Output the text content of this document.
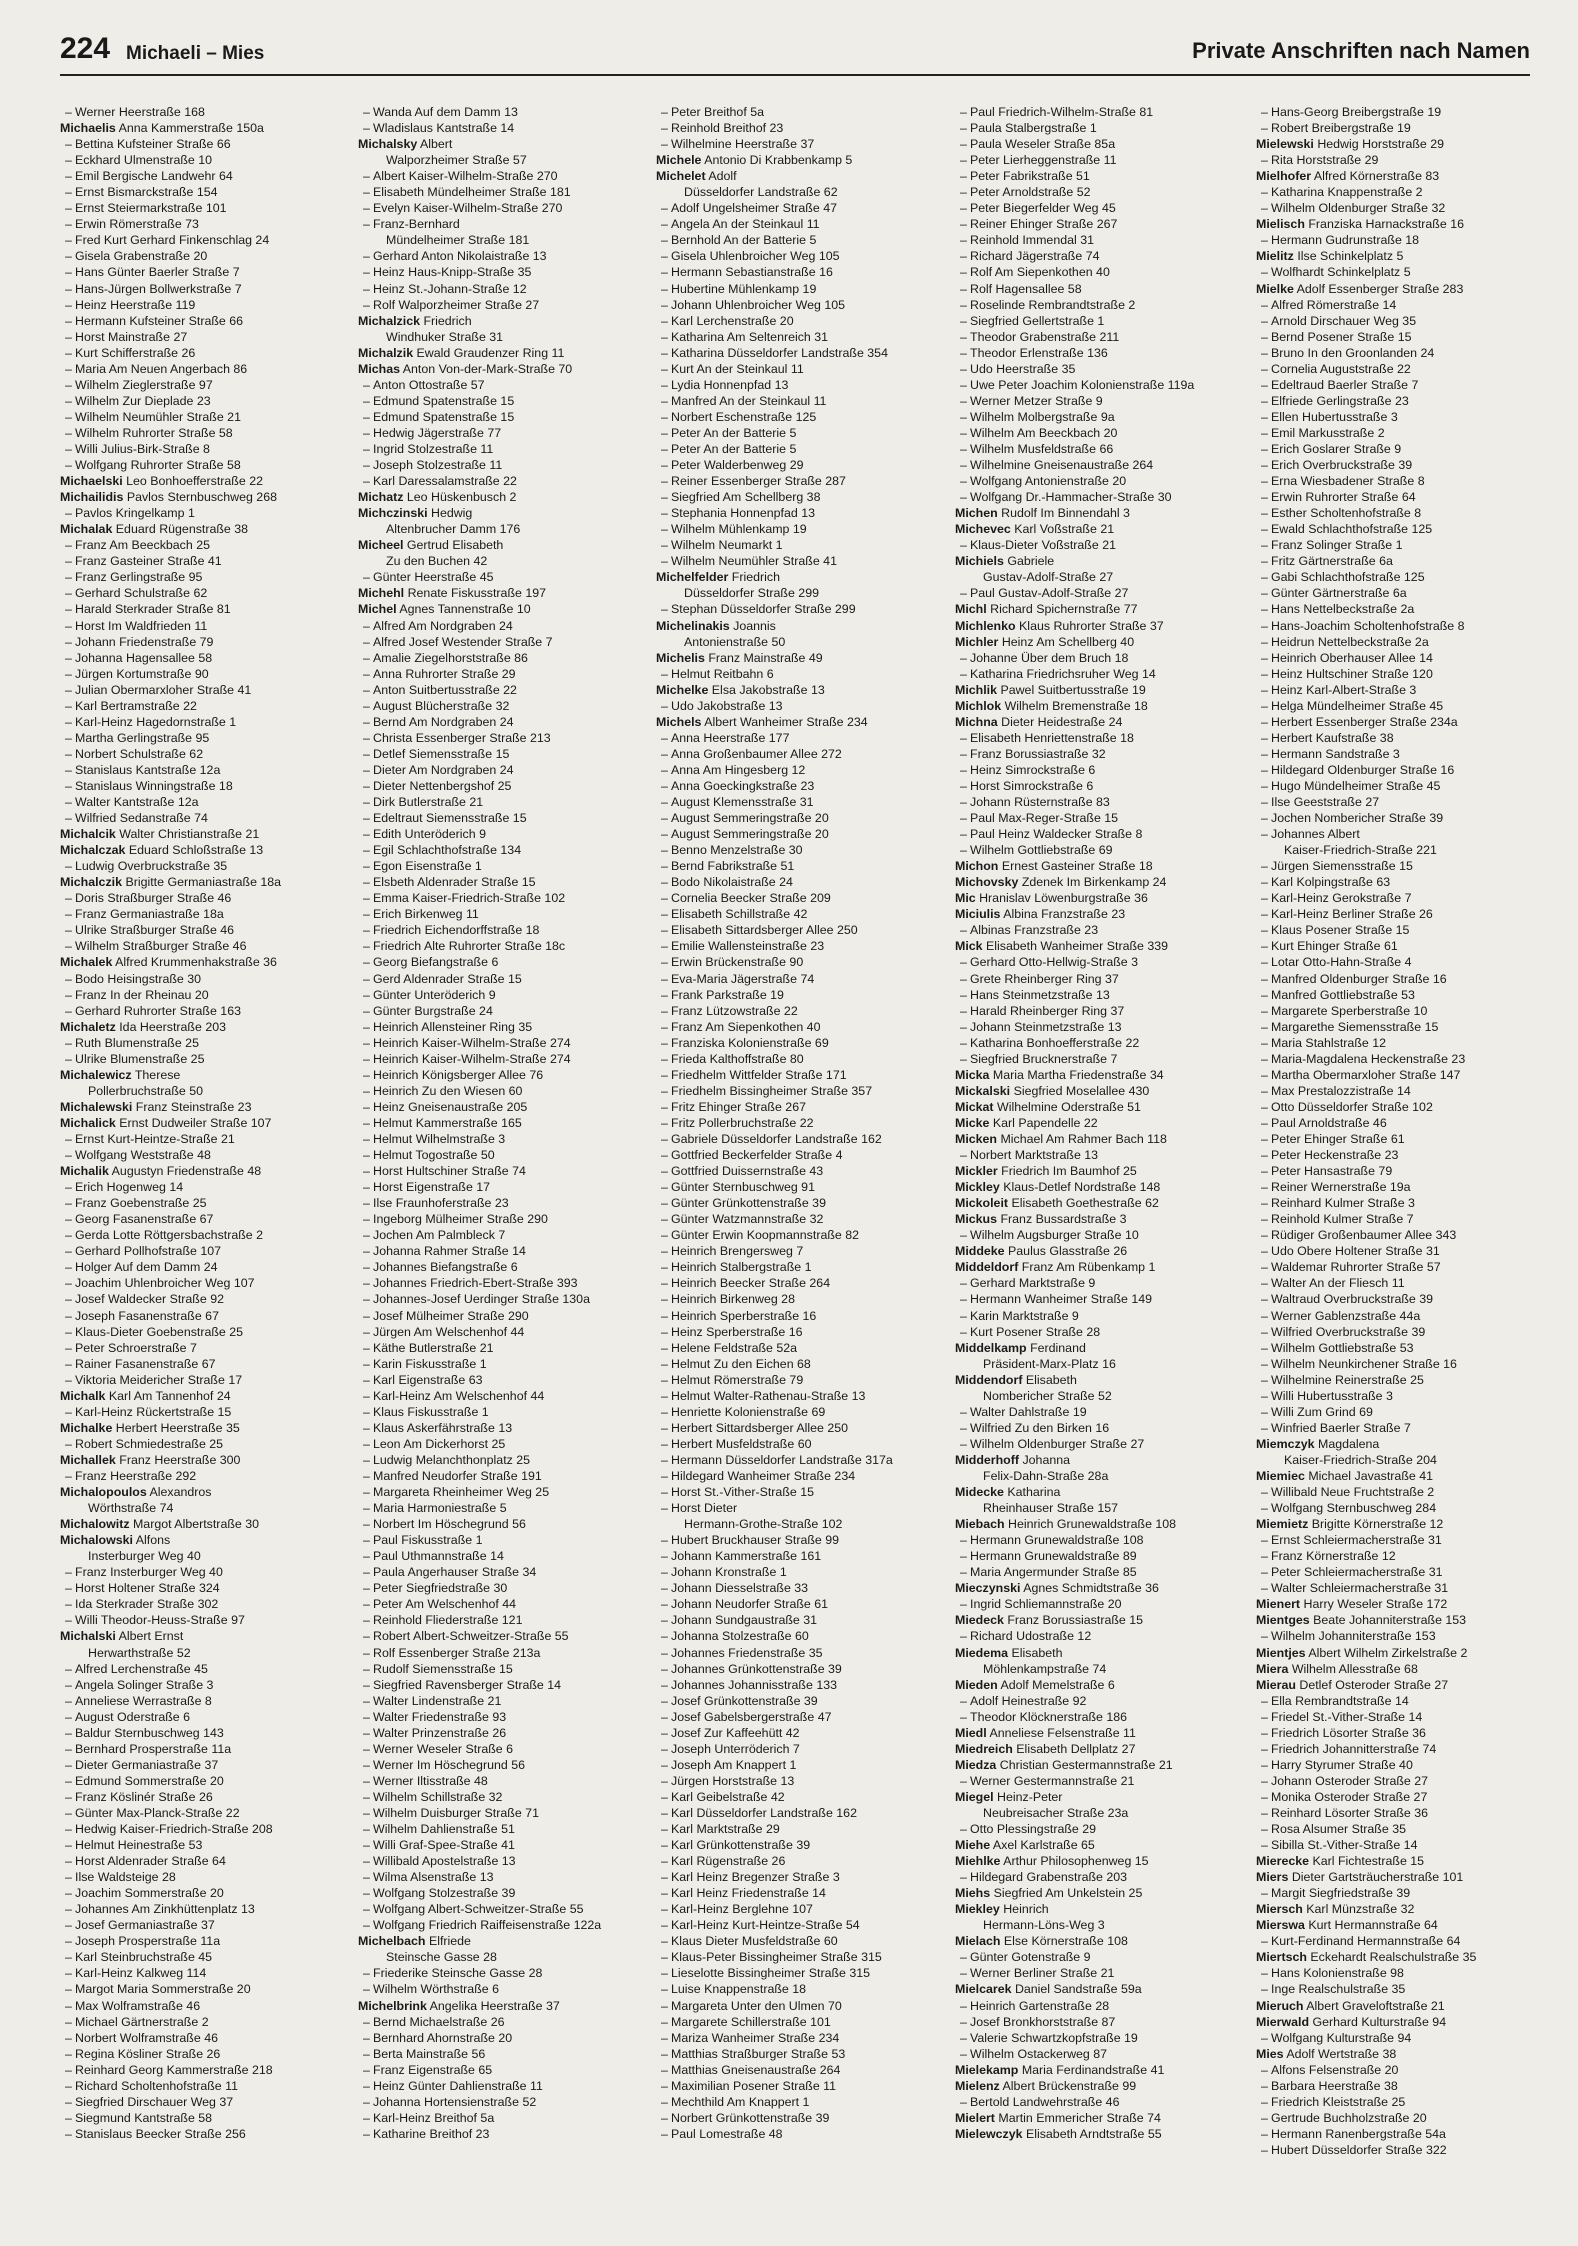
224 Michaeli – Mies	Private Anschriften nach Namen
– Werner Heerstraße 168
Michaelis Anna Kammerstraße 150a
– Bettina Kufsteiner Straße 66
– Eckhard Ulmenstraße 10
– Emil Bergische Landwehr 64
– Ernst Bismarckstraße 154
– Ernst Steiermarkstraße 101
– Erwin Römerstraße 73
– Fred Kurt Gerhard Finkenschlag 24
– Gisela Grabenstraße 20
– Hans Günter Baerler Straße 7
– Hans-Jürgen Bollwerkstraße 7
– Heinz Heerstraße 119
– Hermann Kufsteiner Straße 66
– Horst Mainstraße 27
– Kurt Schifferstraße 26
– Maria Am Neuen Angerbach 86
– Wilhelm Zieglerstraße 97
– Wilhelm Zur Dieplade 23
– Wilhelm Neumühler Straße 21
– Wilhelm Ruhrorter Straße 58
– Willi Julius-Birk-Straße 8
– Wolfgang Ruhrorter Straße 58
Michaelski Leo Bonhoefferstraße 22
Michailidis Pavlos Sternbuschweg 268
– Pavlos Kringelkamp 1
Michalak Eduard Rügenstraße 38
– Franz Am Beeckbach 25
– Franz Gasteiner Straße 41
– Franz Gerlingstraße 95
– Gerhard Schulstraße 62
– Harald Sterkrader Straße 81
– Horst Im Waldfrieden 11
– Johann Friedenstraße 79
– Johanna Hagensallee 58
– Jürgen Kortumstraße 90
– Julian Obermarxloher Straße 41
– Karl Bertramstraße 22
– Karl-Heinz Hagedornstraße 1
– Martha Gerlingstraße 95
– Norbert Schulstraße 62
– Stanislaus Kantstraße 12a
– Stanislaus Winningstraße 18
– Walter Kantstraße 12a
– Wilfried Sedanstraße 74
Michalcik Walter Christianstraße 21
Michalczak Eduard Schloßstraße 13
– Ludwig Overbruckstraße 35
Michalczik Brigitte Germaniastraße 18a
– Doris Straßburger Straße 46
– Franz Germaniastraße 18a
– Ulrike Straßburger Straße 46
– Wilhelm Straßburger Straße 46
Michalek Alfred Krummenhakstraße 36
– Bodo Heisingstraße 30
– Franz In der Rheinau 20
– Gerhard Ruhrorter Straße 163
Michaletz Ida Heerstraße 203
– Ruth Blumenstraße 25
– Ulrike Blumenstraße 25
Michalewicz Therese
Pollerbruchstraße 50
Michalewski Franz Steinstraße 23
Michalick Ernst Dudweiler Straße 107
– Ernst Kurt-Heintze-Straße 21
– Wolfgang Weststraße 48
Michalik Augustyn Friedenstraße 48
– Erich Hogenweg 14
– Franz Goebenstraße 25
– Georg Fasanenstraße 67
– Gerda Lotte Röttgersbachstraße 2
– Gerhard Pollhofstraße 107
– Holger Auf dem Damm 24
– Joachim Uhlenbroicher Weg 107
– Josef Waldecker Straße 92
– Joseph Fasanenstraße 67
– Klaus-Dieter Goebenstraße 25
– Peter Schroerstraße 7
– Rainer Fasanenstraße 67
– Viktoria Meidericher Straße 17
Michalk Karl Am Tannenhof 24
– Karl-Heinz Rückertstraße 15
Michalke Herbert Heerstraße 35
– Robert Schmiedestraße 25
Michallek Franz Heerstraße 300
– Franz Heerstraße 292
Michalopoulos Alexandros
Wörthstraße 74
Michalowitz Margot Albertstraße 30
Michalowski Alfons
Insterburger Weg 40
– Franz Insterburger Weg 40
– Horst Holtener Straße 324
– Ida Sterkrader Straße 302
– Willi Theodor-Heuss-Straße 97
Michalski Albert Ernst
Herwarthstraße 52
– Alfred Lerchenstraße 45
– Angela Solinger Straße 3
– Anneliese Werrastraße 8
– August Oderstraße 6
– Baldur Sternbuschweg 143
– Bernhard Prosperstraße 11a
– Dieter Germaniastraße 37
– Edmund Sommerstraße 20
– Franz Köslinér Straße 26
– Günter Max-Planck-Straße 22
– Hedwig Kaiser-Friedrich-Straße 208
– Helmut Heinestraße 53
– Horst Aldenrader Straße 64
– Ilse Waldsteige 28
– Joachim Sommerstraße 20
– Johannes Am Zinkhüttenplatz 13
– Josef Germaniastraße 37
– Joseph Prosperstraße 11a
– Karl Steinbruchstraße 45
– Karl-Heinz Kalkweg 114
– Margot Maria Sommerstraße 20
– Max Wolframstraße 46
– Michael Gärtnerstraße 2
– Norbert Wolframstraße 46
– Regina Kösliner Straße 26
– Reinhard Georg Kammerstraße 218
– Richard Scholtenhofstraße 11
– Siegfried Dirschauer Weg 37
– Siegmund Kantstraße 58
– Stanislaus Beecker Straße 256
– Wanda Auf dem Damm 13
– Wladislaus Kantstraße 14
Michalsky Albert
Walporzheimer Straße 57
– Albert Kaiser-Wilhelm-Straße 270
– Elisabeth Mündelheimer Straße 181
– Evelyn Kaiser-Wilhelm-Straße 270
– Franz-Bernhard
Mündelheimer Straße 181
– Gerhard Anton Nikolaistraße 13
– Heinz Haus-Knipp-Straße 35
– Heinz St.-Johann-Straße 12
– Rolf Walporzheimer Straße 27
Michalzick Friedrich
Windhuker Straße 31
Michalzik Ewald Graudenzer Ring 11
Michas Anton Von-der-Mark-Straße 70
– Anton Ottostraße 57
– Edmund Spatenstraße 15
– Edmund Spatenstraße 15
– Hedwig Jägerstraße 77
– Ingrid Stolzestraße 11
– Joseph Stolzestraße 11
– Karl Daressalamstraße 22
Michatz Leo Hüskenbusch 2
Michczinski Hedwig
Altenbrucher Damm 176
Micheel Gertrud Elisabeth
Zu den Buchen 42
– Günter Heerstraße 45
Michehl Renate Fiskusstraße 197
Michel Agnes Tannenstraße 10
– Alfred Am Nordgraben 24
– Alfred Josef Westender Straße 7
– Amalie Ziegelhorststraße 86
– Anna Ruhrorter Straße 29
– Anton Suitbertusstraße 22
– August Blücherstraße 32
– Bernd Am Nordgraben 24
– Christa Essenberger Straße 213
– Detlef Siemensstraße 15
– Dieter Am Nordgraben 24
– Dieter Nettenbergshof 25
– Dirk Butlerstraße 21
– Edeltraut Siemensstraße 15
– Edith Unteröderich 9
– Egil Schlachthofstraße 134
– Egon Eisenstraße 1
– Elsbeth Aldenrader Straße 15
– Emma Kaiser-Friedrich-Straße 102
– Erich Birkenweg 11
– Friedrich Eichendorffstraße 18
– Friedrich Alte Ruhrorter Straße 18c
– Georg Biefangstraße 6
– Gerd Aldenrader Straße 15
– Günter Unteröderich 9
– Günter Burgstraße 24
– Heinrich Allensteiner Ring 35
– Heinrich Kaiser-Wilhelm-Straße 274
– Heinrich Kaiser-Wilhelm-Straße 274
– Heinrich Königsberger Allee 76
– Heinrich Zu den Wiesen 60
– Heinz Gneisenaustraße 205
– Helmut Kammerstraße 165
– Helmut Wilhelmstraße 3
– Helmut Togostraße 50
– Horst Hultschiner Straße 74
– Horst Eigenstraße 17
– Ilse Fraunhoferstraße 23
– Ingeborg Mülheimer Straße 290
– Jochen Am Palmbleck 7
– Johanna Rahmer Straße 14
– Johannes Biefangstraße 6
– Johannes Friedrich-Ebert-Straße 393
– Johannes-Josef Uerdinger Straße 130a
– Josef Mülheimer Straße 290
– Jürgen Am Welschenhof 44
– Käthe Butlerstraße 21
– Karin Fiskusstraße 1
– Karl Eigenstraße 63
– Karl-Heinz Am Welschenhof 44
– Klaus Fiskusstraße 1
– Klaus Askerfährstraße 13
– Leon Am Dickerhorst 25
– Ludwig Melanchthonplatz 25
– Manfred Neudorfer Straße 191
– Margareta Rheinheimer Weg 25
– Maria Harmoniestraße 5
– Norbert Im Höschegrund 56
– Paul Fiskusstraße 1
– Paul Uthmannstraße 14
– Paula Angerhauser Straße 34
– Peter Siegfriedstraße 30
– Peter Am Welschenhof 44
– Reinhold Fliederstraße 121
– Robert Albert-Schweitzer-Straße 55
– Rolf Essenberger Straße 213a
– Rudolf Siemensstraße 15
– Siegfried Ravensberger Straße 14
– Walter Lindenstraße 21
– Walter Friedenstraße 93
– Walter Prinzenstraße 26
– Werner Weseler Straße 6
– Werner Im Höschegrund 56
– Werner Iltisstraße 48
– Wilhelm Schillstraße 32
– Wilhelm Duisburger Straße 71
– Wilhelm Dahlienstraße 51
– Willi Graf-Spee-Straße 41
– Willibald Apostelstraße 13
– Wilma Alsenstraße 13
– Wolfgang Stolzestraße 39
– Wolfgang Albert-Schweitzer-Straße 55
– Wolfgang Friedrich Raiffeisenstraße 122a
Michelbach Elfriede
Steinsche Gasse 28
– Friederike Steinsche Gasse 28
– Wilhelm Wörthstraße 6
Michelbrink Angelika Heerstraße 37
– Bernd Michaelstraße 26
– Bernhard Ahornstraße 20
– Berta Mainstraße 56
– Franz Eigenstraße 65
– Heinz Günter Dahlienstraße 11
– Johanna Hortensienstraße 52
– Karl-Heinz Breithof 5a
– Katharine Breithof 23
– Peter Breithof 5a
– Reinhold Breithof 23
– Wilhelmine Heerstraße 37
Michele Antonio Di Krabbenkamp 5
Michelet Adolf
Düsseldorfer Landstraße 62
– Adolf Ungelsheimer Straße 47
– Angela An der Steinkaul 11
– Bernhold An der Batterie 5
– Gisela Uhlenbroicher Weg 105
– Hermann Sebastianstraße 16
– Hubertine Mühlenkamp 19
– Johann Uhlenbroicher Weg 105
– Karl Lerchenstraße 20
– Katharina Am Seltenreich 31
– Katharina Düsseldorfer Landstraße 354
– Kurt An der Steinkaul 11
– Lydia Honnenpfad 13
– Manfred An der Steinkaul 11
– Norbert Eschenstraße 125
– Peter An der Batterie 5
– Peter An der Batterie 5
– Peter Walderbenweg 29
– Reiner Essenberger Straße 287
– Siegfried Am Schellberg 38
– Stephania Honnenpfad 13
– Wilhelm Mühlenkamp 19
– Wilhelm Neumarkt 1
– Wilhelm Neumühler Straße 41
Michelfelder Friedrich
Düsseldorfer Straße 299
– Stephan Düsseldorfer Straße 299
Michelinakis Joannis
Antonienstraße 50
Michelis Franz Mainstraße 49
– Helmut Reitbahn 6
Michelke Elsa Jakobstraße 13
– Udo Jakobstraße 13
Michels Albert Wanheimer Straße 234
– Anna Heerstraße 177
– Anna Großenbaumer Allee 272
– Anna Am Hingesberg 12
– Anna Goeckingkstraße 23
– August Klemensstraße 31
– August Semmeringstraße 20
– August Semmeringstraße 20
– Benno Menzelstraße 30
– Bernd Fabrikstraße 51
– Bodo Nikolaistraße 24
– Cornelia Beecker Straße 209
– Elisabeth Schillstraße 42
– Elisabeth Sittardsberger Allee 250
– Emilie Wallensteinstraße 23
– Erwin Brückenstraße 90
– Eva-Maria Jägerstraße 74
– Frank Parkstraße 19
– Franz Lützowstraße 22
– Franz Am Siepenkothen 40
– Franziska Kolonienstraße 69
– Frieda Kalthoffstraße 80
– Friedhelm Wittfelder Straße 171
– Friedhelm Bissingheimer Straße 357
– Fritz Ehinger Straße 267
– Fritz Pollerbruchstraße 22
– Gabriele Düsseldorfer Landstraße 162
– Gottfried Beckerfelder Straße 4
– Gottfried Duissernstraße 43
– Günter Sternbuschweg 91
– Günter Grünkottenstraße 39
– Günter Watzmannstraße 32
– Günter Erwin Koopmannstraße 82
– Heinrich Brengersweg 7
– Heinrich Stalbergstraße 1
– Heinrich Beecker Straße 264
– Heinrich Birkenweg 28
– Heinrich Sperberstraße 16
– Heinz Sperberstraße 16
– Helene Feldstraße 52a
– Helmut Zu den Eichen 68
– Helmut Römerstraße 79
– Helmut Walter-Rathenau-Straße 13
– Henriette Kolonienstraße 69
– Herbert Sittardsberger Allee 250
– Herbert Musfeldstraße 60
– Hermann Düsseldorfer Landstraße 317a
– Hildegard Wanheimer Straße 234
– Horst St.-Vither-Straße 15
– Horst Dieter
Hermann-Grothe-Straße 102
– Hubert Bruckhauser Straße 99
– Johann Kammerstraße 161
– Johann Kronstraße 1
– Johann Diesselstraße 33
– Johann Neudorfer Straße 61
– Johann Sundgaustraße 31
– Johanna Stolzestraße 60
– Johannes Friedenstraße 35
– Johannes Grünkottenstraße 39
– Johannes Johannisstraße 133
– Josef Grünkottenstraße 39
– Josef Gabelsbergerstraße 47
– Josef Zur Kaffeehütt 42
– Joseph Unterröderich 7
– Joseph Am Knappert 1
– Jürgen Horststraße 13
– Karl Geibelstraße 42
– Karl Düsseldorfer Landstraße 162
– Karl Marktstraße 29
– Karl Grünkottenstraße 39
– Karl Rügenstraße 26
– Karl Heinz Bregenzer Straße 3
– Karl Heinz Friedenstraße 14
– Karl-Heinz Berglehne 107
– Karl-Heinz Kurt-Heintze-Straße 54
– Klaus Dieter Musfeldstraße 60
– Klaus-Peter Bissingheimer Straße 315
– Lieselotte Bissingheimer Straße 315
– Luise Knappenstraße 18
– Margareta Unter den Ulmen 70
– Margarete Schillerstraße 101
– Mariza Wanheimer Straße 234
– Matthias Straßburger Straße 53
– Matthias Gneisenaustraße 264
– Maximilian Posener Straße 11
– Mechthild Am Knappert 1
– Norbert Grünkottenstraße 39
– Paul Lomestraße 48
– Paul Friedrich-Wilhelm-Straße 81
– Paula Stalbergstraße 1
– Paula Weseler Straße 85a
– Peter Lierheggenstraße 11
– Peter Fabrikstraße 51
– Peter Arnoldstraße 52
– Peter Biegerfelder Weg 45
– Reiner Ehinger Straße 267
– Reinhold Immendal 31
– Richard Jägerstraße 74
– Rolf Am Siepenkothen 40
– Rolf Hagensallee 58
– Roselinde Rembrandtstraße 2
– Siegfried Gellertstraße 1
– Theodor Grabenstraße 211
– Theodor Erlenstraße 136
– Udo Heerstraße 35
– Uwe Peter Joachim Kolonienstraße 119a
– Werner Metzer Straße 9
– Wilhelm Molbergstraße 9a
– Wilhelm Am Beeckbach 20
– Wilhelm Musfeldstraße 66
– Wilhelmine Gneisenaustraße 264
– Wolfgang Antonienstraße 20
– Wolfgang Dr.-Hammacher-Straße 30
Michen Rudolf Im Binnendahl 3
Michevec Karl Voßstraße 21
– Klaus-Dieter Voßstraße 21
Michiels Gabriele
Gustav-Adolf-Straße 27
– Paul Gustav-Adolf-Straße 27
Michl Richard Spichernstraße 77
Michlenko Klaus Ruhrorter Straße 37
Michler Heinz Am Schellberg 40
– Johanne Über dem Bruch 18
– Katharina Friedrichsruher Weg 14
Michlik Pawel Suitbertusstraße 19
Michlok Wilhelm Bremenstraße 18
Michna Dieter Heidestraße 24
– Elisabeth Henriettenstraße 18
– Franz Borussiastraße 32
– Heinz Simrockstraße 6
– Horst Simrockstraße 6
– Johann Rüsternstraße 83
– Paul Max-Reger-Straße 15
– Paul Heinz Waldecker Straße 8
– Wilhelm Gottliebstraße 69
Michon Ernest Gasteiner Straße 18
Michovsky Zdenek Im Birkenkamp 24
Mic Hranislav Löwenburgstraße 36
Miciulis Albina Franzstraße 23
– Albinas Franzstraße 23
Mick Elisabeth Wanheimer Straße 339
– Gerhard Otto-Hellwig-Straße 3
– Grete Rheinberger Ring 37
– Hans Steinmetzstraße 13
– Harald Rheinberger Ring 37
– Johann Steinmetzstraße 13
– Katharina Bonhoefferstraße 22
– Siegfried Brucknerstraße 7
Micka Maria Martha Friedenstraße 34
Mickalski Siegfried Moselallee 430
Mickat Wilhelmine Oderstraße 51
Micke Karl Papendelle 22
Micken Michael Am Rahmer Bach 118
– Norbert Marktstraße 13
Mickler Friedrich Im Baumhof 25
Mickley Klaus-Detlef Nordstraße 148
Mickoleit Elisabeth Goethestraße 62
Mickus Franz Bussardstraße 3
– Wilhelm Augsburger Straße 10
Middeke Paulus Glasstraße 26
Middeldorf Franz Am Rübenkamp 1
– Gerhard Marktstraße 9
– Hermann Wanheimer Straße 149
– Karin Marktstraße 9
– Kurt Posener Straße 28
Middelkamp Ferdinand
Präsident-Marx-Platz 16
Middendorf Elisabeth
Nombericher Straße 52
– Walter Dahlstraße 19
– Wilfried Zu den Birken 16
– Wilhelm Oldenburger Straße 27
Midderhoff Johanna
Felix-Dahn-Straße 28a
Midecke Katharina
Rheinhauser Straße 157
Miebach Heinrich Grunewaldstraße 108
– Hermann Grunewaldstraße 108
– Hermann Grunewaldstraße 89
– Maria Angermunder Straße 85
Mieczynski Agnes Schmidtstraße 36
– Ingrid Schliemannstraße 20
Miedeck Franz Borussiastraße 15
– Richard Udostraße 12
Miedema Elisabeth
Möhlenkampstraße 74
Mieden Adolf Memelstraße 6
– Adolf Heinestraße 92
– Theodor Klöcknerstraße 186
Miedl Anneliese Felsenstraße 11
Miedreich Elisabeth Dellplatz 27
Miedza Christian Gestermannstraße 21
– Werner Gestermannstraße 21
Miegel Heinz-Peter
Neubreisacher Straße 23a
– Otto Plessingstraße 29
Miehe Axel Karlstraße 65
Miehlke Arthur Philosophenweg 15
– Hildegard Grabenstraße 203
Miehs Siegfried Am Unkelstein 25
Miekley Heinrich
Hermann-Löns-Weg 3
Mielach Else Körnerstraße 108
– Günter Gotenstraße 9
– Werner Berliner Straße 21
Mielcarek Daniel Sandstraße 59a
– Heinrich Gartenstraße 28
– Josef Bronkhorststraße 87
– Valerie Schwartzkopfstraße 19
– Wilhelm Ostackerweg 87
Mielekamp Maria Ferdinandstraße 41
Mielenz Albert Brückenstraße 99
– Bertold Landwehrstraße 46
Mielert Martin Emmericher Straße 74
Mielewczyk Elisabeth Arndtstraße 55
– Hans-Georg Breibergstraße 19
– Robert Breibergstraße 19
Mielewski Hedwig Horststraße 29
– Rita Horststraße 29
Mielhofer Alfred Körnerstraße 83
– Katharina Knappenstraße 2
– Wilhelm Oldenburger Straße 32
Mielisch Franziska Harnackstraße 16
– Hermann Gudrunstraße 18
Mielitz Ilse Schinkelplatz 5
– Wolfhardt Schinkelplatz 5
Mielke Adolf Essenberger Straße 283
– Alfred Römerstraße 14
– Arnold Dirschauer Weg 35
– Bernd Posener Straße 15
– Bruno In den Groonlanden 24
– Cornelia Auguststraße 22
– Edeltraud Baerler Straße 7
– Elfriede Gerlingstraße 23
– Ellen Hubertusstraße 3
– Emil Markusstraße 2
– Erich Goslarer Straße 9
– Erich Overbruckstraße 39
– Erna Wiesbadener Straße 8
– Erwin Ruhrorter Straße 64
– Esther Scholtenhofstraße 8
– Ewald Schlachthofstraße 125
– Franz Solinger Straße 1
– Fritz Gärtnerstraße 6a
– Gabi Schlachthofstraße 125
– Günter Gärtnerstraße 6a
– Hans Nettelbeckstraße 2a
– Hans-Joachim Scholtenhofstraße 8
– Heidrun Nettelbeckstraße 2a
– Heinrich Oberhauser Allee 14
– Heinz Hultschiner Straße 120
– Heinz Karl-Albert-Straße 3
– Helga Mündelheimer Straße 45
– Herbert Essenberger Straße 234a
– Herbert Kaufstraße 38
– Hermann Sandstraße 3
– Hildegard Oldenburger Straße 16
– Hugo Mündelheimer Straße 45
– Ilse Geeststraße 27
– Jochen Nombericher Straße 39
– Johannes Albert
Kaiser-Friedrich-Straße 221
– Jürgen Siemensstraße 15
– Karl Kolpingstraße 63
– Karl-Heinz Gerokstraße 7
– Karl-Heinz Berliner Straße 26
– Klaus Posener Straße 15
– Kurt Ehinger Straße 61
– Lotar Otto-Hahn-Straße 4
– Manfred Oldenburger Straße 16
– Manfred Gottliebstraße 53
– Margarete Sperberstraße 10
– Margarethe Siemensstraße 15
– Maria Stahlstraße 12
– Maria-Magdalena Heckenstraße 23
– Martha Obermarxloher Straße 147
– Max Prestalozzistraße 14
– Otto Düsseldorfer Straße 102
– Paul Arnoldstraße 46
– Peter Ehinger Straße 61
– Peter Heckenstraße 23
– Peter Hansastraße 79
– Reiner Wernerstraße 19a
– Reinhard Kulmer Straße 3
– Reinhold Kulmer Straße 7
– Rüdiger Großenbaumer Allee 343
– Udo Obere Holtener Straße 31
– Waldemar Ruhrorter Straße 57
– Walter An der Fliesch 11
– Waltraud Overbruckstraße 39
– Werner Gablenzstraße 44a
– Wilfried Overbruckstraße 39
– Wilhelm Gottliebstraße 53
– Wilhelm Neunkirchener Straße 16
– Wilhelmine Reinerstraße 25
– Willi Hubertusstraße 3
– Willi Zum Grind 69
– Winfried Baerler Straße 7
Miemczyk Magdalena
Kaiser-Friedrich-Straße 204
Miemiec Michael Javastraße 41
– Willibald Neue Fruchtstraße 2
– Wolfgang Sternbuschweg 284
Miemietz Brigitte Körnerstraße 12
– Ernst Schleiermacherstraße 31
– Franz Körnerstraße 12
– Peter Schleiermacherstraße 31
– Walter Schleiermacherstraße 31
Mienert Harry Weseler Straße 172
Mientges Beate Johanniterstraße 153
– Wilhelm Johanniterstraße 153
Mientjes Albert Wilhelm Zirkelstraße 2
Miera Wilhelm Allesstraße 68
Mierau Detlef Osteroder Straße 27
– Ella Rembrandtstraße 14
– Friedel St.-Vither-Straße 14
– Friedrich Lösorter Straße 36
– Friedrich Johannitterstraße 74
– Harry Styrumer Straße 40
– Johann Osteroder Straße 27
– Monika Osteroder Straße 27
– Reinhard Lösorter Straße 36
– Rosa Alsumer Straße 35
– Sibilla St.-Vither-Straße 14
Mierecke Karl Fichtestraße 15
Miers Dieter Gartsträucherstraße 101
– Margit Siegfriedstraße 39
Miersch Karl Münzstraße 32
Mierswa Kurt Hermannstraße 64
– Kurt-Ferdinand Hermannstraße 64
Miertsch Eckehardt Realschulstraße 35
– Hans Kolonienstraße 98
– Inge Realschulstraße 35
Mieruch Albert Graveloftstraße 21
Mierwald Gerhard Kulturstraße 94
– Wolfgang Kulturstraße 94
Mies Adolf Wertstraße 38
– Alfons Felsenstraße 20
– Barbara Heerstraße 38
– Friedrich Kleiststraße 25
– Gertrude Buchholzstraße 20
– Hermann Ranenbergstraße 54a
– Hubert Düsseldorfer Straße 322
